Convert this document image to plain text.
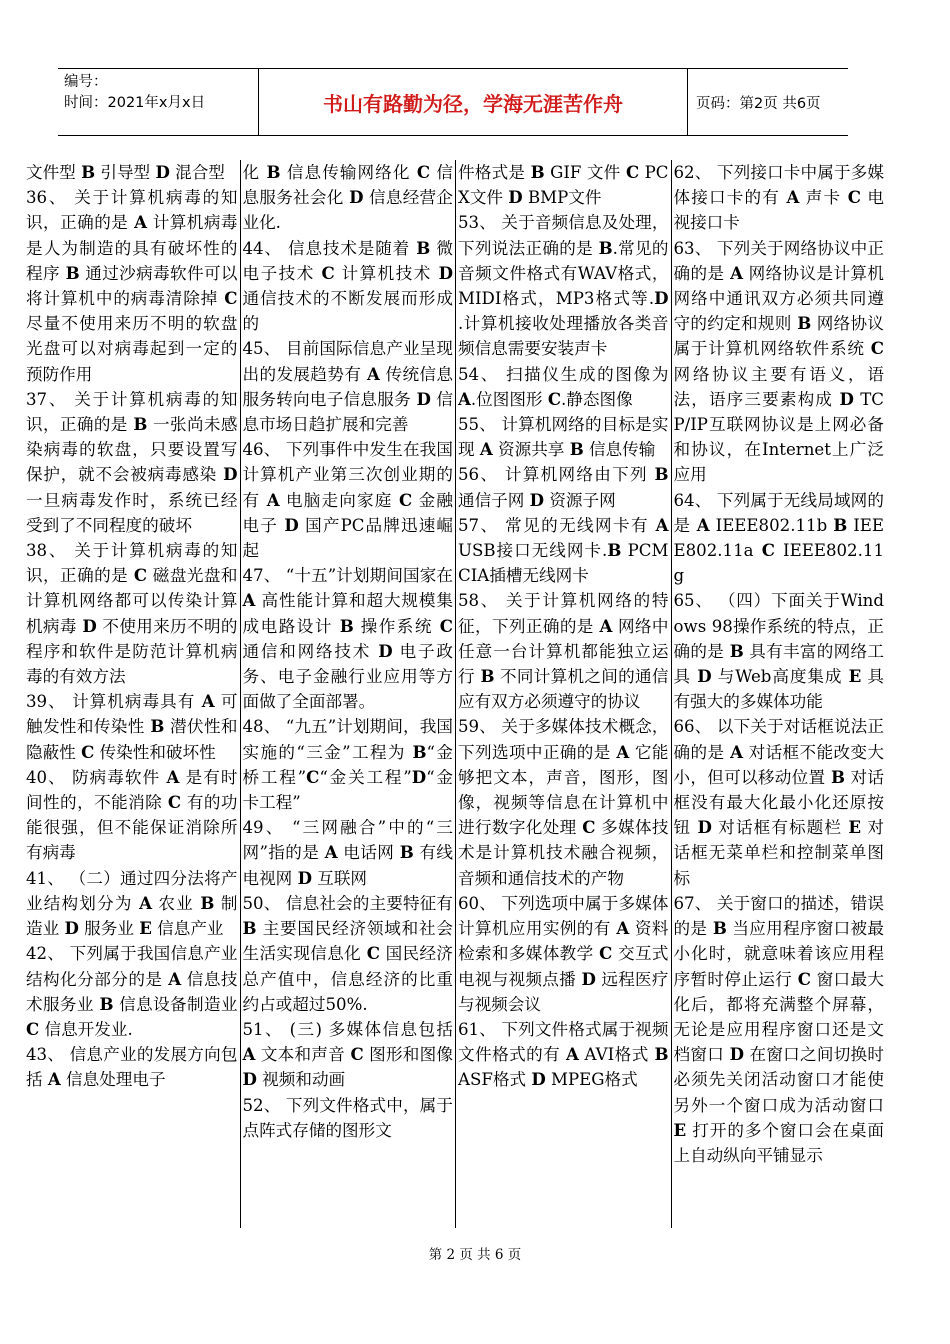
编号：
时间：2021年x月x日	书山有路勤为径，学海无涯苦作舟	页码：第2页 共6页

文件型 B 引导型 D 混合型

36、 关于计算机病毒的知识，正确的是 A 计算机病毒是人为制造的具有破坏性的程序 B 通过沙病毒软件可以将计算机中的病毒清除掉 C 尽量不使用来历不明的软盘光盘可以对病毒起到一定的预防作用

37、 关于计算机病毒的知识，正确的是 B 一张尚未感染病毒的软盘，只要设置写保护，就不会被病毒感染 D 一旦病毒发作时，系统已经受到了不同程度的破坏

38、 关于计算机病毒的知识，正确的是 C 磁盘光盘和计算机网络都可以传染计算机病毒 D 不使用来历不明的程序和软件是防范计算机病毒的有效方法

39、 计算机病毒具有 A 可触发性和传染性 B 潜伏性和隐蔽性 C 传染性和破坏性

40、 防病毒软件 A 是有时间性的，不能消除 C 有的功能很强，但不能保证消除所有病毒

41、 （二）通过四分法将产业结构划分为 A 农业 B 制造业 D 服务业 E 信息产业

42、 下列属于我国信息产业结构化分部分的是 A 信息技术服务业 B 信息设备制造业 C 信息开发业.

43、 信息产业的发展方向包括 A 信息处理电子

化 B 信息传输网络化 C 信息服务社会化 D 信息经营企业化.

44、 信息技术是随着 B 微电子技术 C 计算机技术 D 通信技术的不断发展而形成的

45、 目前国际信息产业呈现出的发展趋势有 A 传统信息服务转向电子信息服务 D 信息市场日趋扩展和完善

46、 下列事件中发生在我国计算机产业第三次创业期的有 A 电脑走向家庭 C 金融电子 D 国产PC品牌迅速崛起

47、 “十五”计划期间国家在 A 高性能计算和超大规模集成电路设计 B 操作系统 C 通信和网络技术 D 电子政务、电子金融行业应用等方面做了全面部署。

48、 “九五”计划期间，我国实施的“三金”工程为 B“金桥工程”C“金关工程”D“金卡工程”

49、 “三网融合”中的“三网”指的是 A 电话网 B 有线电视网 D 互联网

50、 信息社会的主要特征有 B 主要国民经济领域和社会生活实现信息化 C 国民经济总产值中，信息经济的比重约占或超过50%.

51、 (三) 多媒体信息包括 A 文本和声音 C 图形和图像 D 视频和动画

52、 下列文件格式中，属于点阵式存储的图形文

件格式是 B GIF 文件 C PCX文件 D BMP文件

53、 关于音频信息及处理，下列说法正确的是 B.常见的音频文件格式有WAV格式，MIDI格式，MP3格式等.D .计算机接收处理播放各类音频信息需要安装声卡

54、 扫描仪生成的图像为 A.位图图形 C.静态图像

55、 计算机网络的目标是实现 A 资源共享 B 信息传输

56、 计算机网络由下列 B 通信子网 D 资源子网

57、 常见的无线网卡有 A USB接口无线网卡.B PCMCIA插槽无线网卡

58、 关于计算机网络的特征，下列正确的是 A 网络中任意一台计算机都能独立运行 B 不同计算机之间的通信应有双方必须遵守的协议

59、 关于多媒体技术概念，下列选项中正确的是 A 它能够把文本，声音，图形，图像，视频等信息在计算机中进行数字化处理 C 多媒体技术是计算机技术融合视频，音频和通信技术的产物

60、 下列选项中属于多媒体计算机应用实例的有 A 资料检索和多媒体教学 C 交互式电视与视频点播 D 远程医疗与视频会议

61、 下列文件格式属于视频文件格式的有 A AVI格式 B ASF格式 D MPEG格式

62、 下列接口卡中属于多媒体接口卡的有 A 声卡 C 电视接口卡

63、 下列关于网络协议中正确的是 A 网络协议是计算机网络中通讯双方必须共同遵守的约定和规则 B 网络协议属于计算机网络软件系统 C 网络协议主要有语义，语法，语序三要素构成 D TCP/IP互联网协议是上网必备和协议，在Internet上广泛应用

64、 下列属于无线局域网的是 A IEEE802.11b B IEEE802.11a C IEEE802.11g

65、 （四）下面关于Windows 98操作系统的特点，正确的是 B 具有丰富的网络工具 D 与Web高度集成 E 具有强大的多媒体功能

66、 以下关于对话框说法正确的是 A 对话框不能改变大小，但可以移动位置 B 对话框没有最大化最小化还原按钮 D 对话框有标题栏 E 对话框无菜单栏和控制菜单图标

67、 关于窗口的描述，错误的是 B 当应用程序窗口被最小化时，就意味着该应用程序暂时停止运行 C 窗口最大化后，都将充满整个屏幕，无论是应用程序窗口还是文档窗口 D 在窗口之间切换时必须先关闭活动窗口才能使另外一个窗口成为活动窗口 E 打开的多个窗口会在桌面上自动纵向平铺显示

第 2 页 共 6 页
